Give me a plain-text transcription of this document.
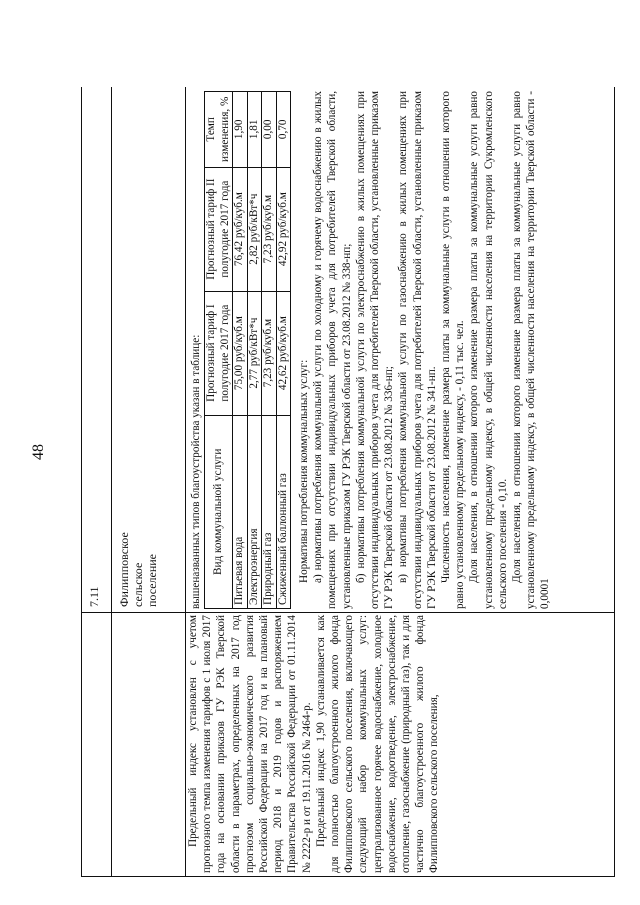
48
7.11 Филипповское сельское поселение	вышеназванных типов благоустройства указан в таблице: Вид коммунальной услуги	Прогнозный тариф I полугодие 2017 года	Прогнозный тариф II полугодие 2017 года	Темп изменения, %
Питьевая вода	75,00 руб/куб.м	76,42 руб/куб.м	1,90
Электроэнергия	2,77 руб/кВт*ч	2,82 руб/кВт*ч	1,81
Природный газ	7,23 руб/куб.м	7,23 руб/куб.м	0,00
Сжиженный баллонный газ	42,62 руб/куб.м	42,92 руб/куб.м	0,70

Нормативы потребления коммунальных услуг: а) нормативы потребления коммунальной услуги по холодному и горячему водоснабжению в жилых помещениях при отсутствии индивидуальных приборов учета для потребителей Тверской области, установленные приказом ГУ РЭК Тверской области от 23.08.2012 № 338-нп; б) нормативы потребления коммунальной услуги по электроснабжению в жилых помещениях при отсутствии индивидуальных приборов учета для потребителей Тверской области, установленные приказом ГУ РЭК Тверской области от 23.08.2012 № 336-нп; в) нормативы потребления коммунальной услуги по газоснабжению в жилых помещениях при отсутствии индивидуальных приборов учета для потребителей Тверской области, установленные приказом ГУ РЭК Тверской области от 23.08.2012 № 341-нп. Численность населения, изменение размера платы за коммунальные услуги в отношении которого равно установленному предельному индексу, - 0,11 тыс. чел. Доля населения, в отношении которого изменение размера платы за коммунальные услуги равно установленному предельному индексу, в общей численности населения на территории Сукромленского сельского поселения - 0,10. Доля населения, в отношении которого изменение размера платы за коммунальные услуги равно установленному предельному индексу, в общей численности населения на территории Тверской области - 0,0001

Предельный индекс установлен с учетом прогнозного темпа изменения тарифов с 1 июля 2017 года на основании приказов ГУ РЭК Тверской области в параметрах, определенных на 2017 год прогнозом социально-экономического развития Российской Федерации на 2017 год и на плановый период 2018 и 2019 годов и распоряжением Правительства Российской Федерации от 01.11.2014 № 2222-р и от 19.11.2016 № 2464-р. Предельный индекс 1,90 устанавливается как для полностью благоустроенного жилого фонда Филипповского сельского поселения, включающего следующий набор коммунальных услуг: централизованное горячее водоснабжение, холодное водоснабжение, водоотведение, электроснабжение, отопление, газоснабжение (природный газ), так и для частично благоустроенного жилого фонда Филипповского сельского поселения,
